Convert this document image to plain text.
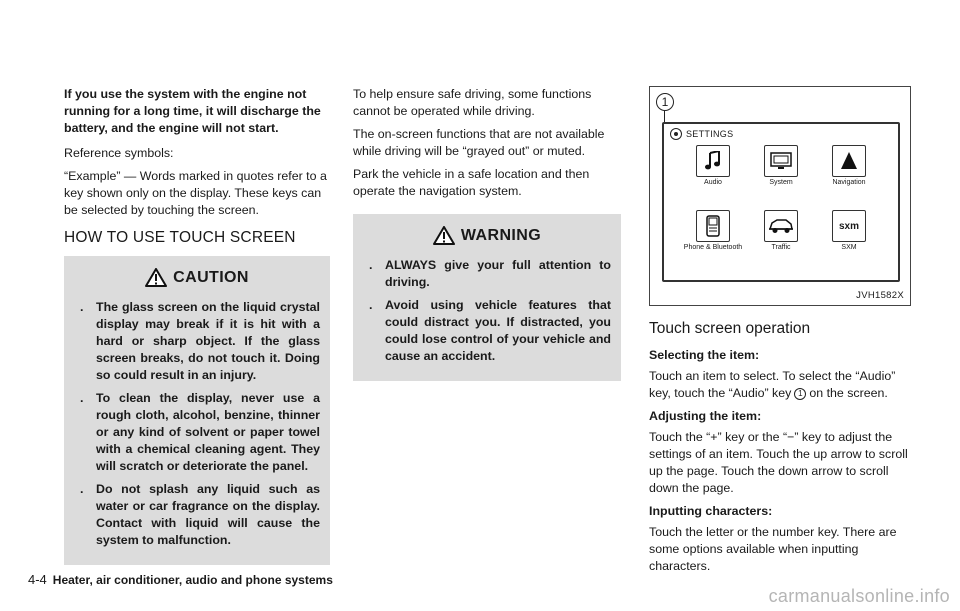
If you use the system with the engine not running for a long time, it will discharge the battery, and the engine will not start.

Reference symbols:

“Example” — Words marked in quotes refer to a key shown only on the display. These keys can be selected by touching the screen.

HOW TO USE TOUCH SCREEN
CAUTION
. The glass screen on the liquid crystal display may break if it is hit with a hard or sharp object. If the glass screen breaks, do not touch it. Doing so could result in an injury.
. To clean the display, never use a rough cloth, alcohol, benzine, thinner or any kind of solvent or paper towel with a chemical cleaning agent. They will scratch or deteriorate the panel.
. Do not splash any liquid such as water or car fragrance on the display. Contact with liquid will cause the system to malfunction.

To help ensure safe driving, some functions cannot be operated while driving.

The on-screen functions that are not available while driving will be “grayed out” or muted.

Park the vehicle in a safe location and then operate the navigation system.

WARNING
. ALWAYS give your full attention to driving.
. Avoid using vehicle features that could distract you. If distracted, you could lose control of your vehicle and cause an accident.
1
SETTINGS
Audio	System	Navigation
Phone & Bluetooth	Traffic
sxm
SXM
JVH1582X
Touch screen operation
Selecting the item:

Touch an item to select. To select the “Audio” key, touch the “Audio” key 1 on the screen.

Adjusting the item:

Touch the “+” key or the “−” key to adjust the settings of an item. Touch the up arrow to scroll up the page. Touch the down arrow to scroll down the page.

Inputting characters:

Touch the letter or the number key. There are some options available when inputting characters.

4-4 Heater, air conditioner, audio and phone systems
carmanualsonline.info
